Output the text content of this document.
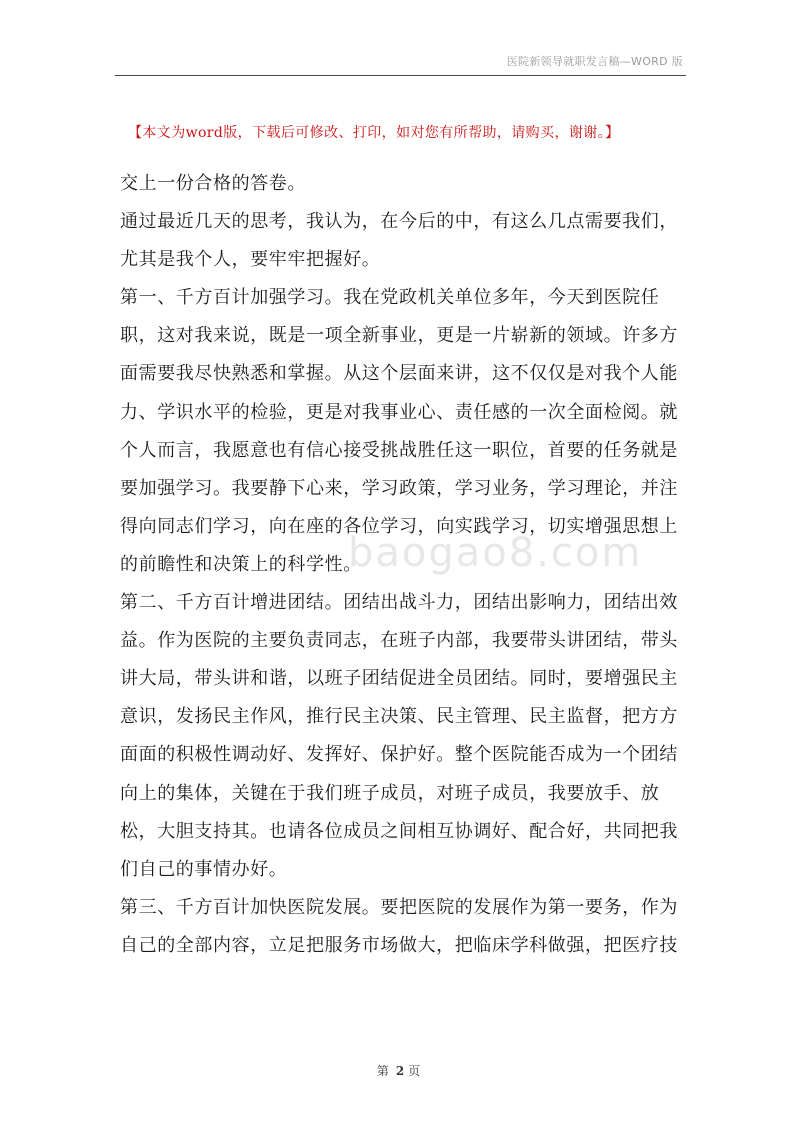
医院新领导就职发言稿—WORD 版
【本文为word版，下载后可修改、打印，如对您有所帮助，请购买，谢谢。】

交上一份合格的答卷。

通过最近几天的思考，我认为，在今后的中，有这么几点需要我们，尤其是我个人，要牢牢把握好。

第一、千方百计加强学习。我在党政机关单位多年，今天到医院任职，这对我来说，既是一项全新事业，更是一片崭新的领域。许多方面需要我尽快熟悉和掌握。从这个层面来讲，这不仅仅是对我个人能力、学识水平的检验，更是对我事业心、责任感的一次全面检阅。就个人而言，我愿意也有信心接受挑战胜任这一职位，首要的任务就是要加强学习。我要静下心来，学习政策，学习业务，学习理论，并注得向同志们学习，向在座的各位学习，向实践学习，切实增强思想上的前瞻性和决策上的科学性。

第二、千方百计增进团结。团结出战斗力，团结出影响力，团结出效益。作为医院的主要负责同志，在班子内部，我要带头讲团结，带头讲大局，带头讲和谐，以班子团结促进全员团结。同时，要增强民主意识，发扬民主作风，推行民主决策、民主管理、民主监督，把方方面面的积极性调动好、发挥好、保护好。整个医院能否成为一个团结向上的集体，关键在于我们班子成员，对班子成员，我要放手、放松，大胆支持其。也请各位成员之间相互协调好、配合好，共同把我们自己的事情办好。

第三、千方百计加快医院发展。要把医院的发展作为第一要务，作为自己的全部内容，立足把服务市场做大，把临床学科做强，把医疗技

baogao8.com
第 2 页
